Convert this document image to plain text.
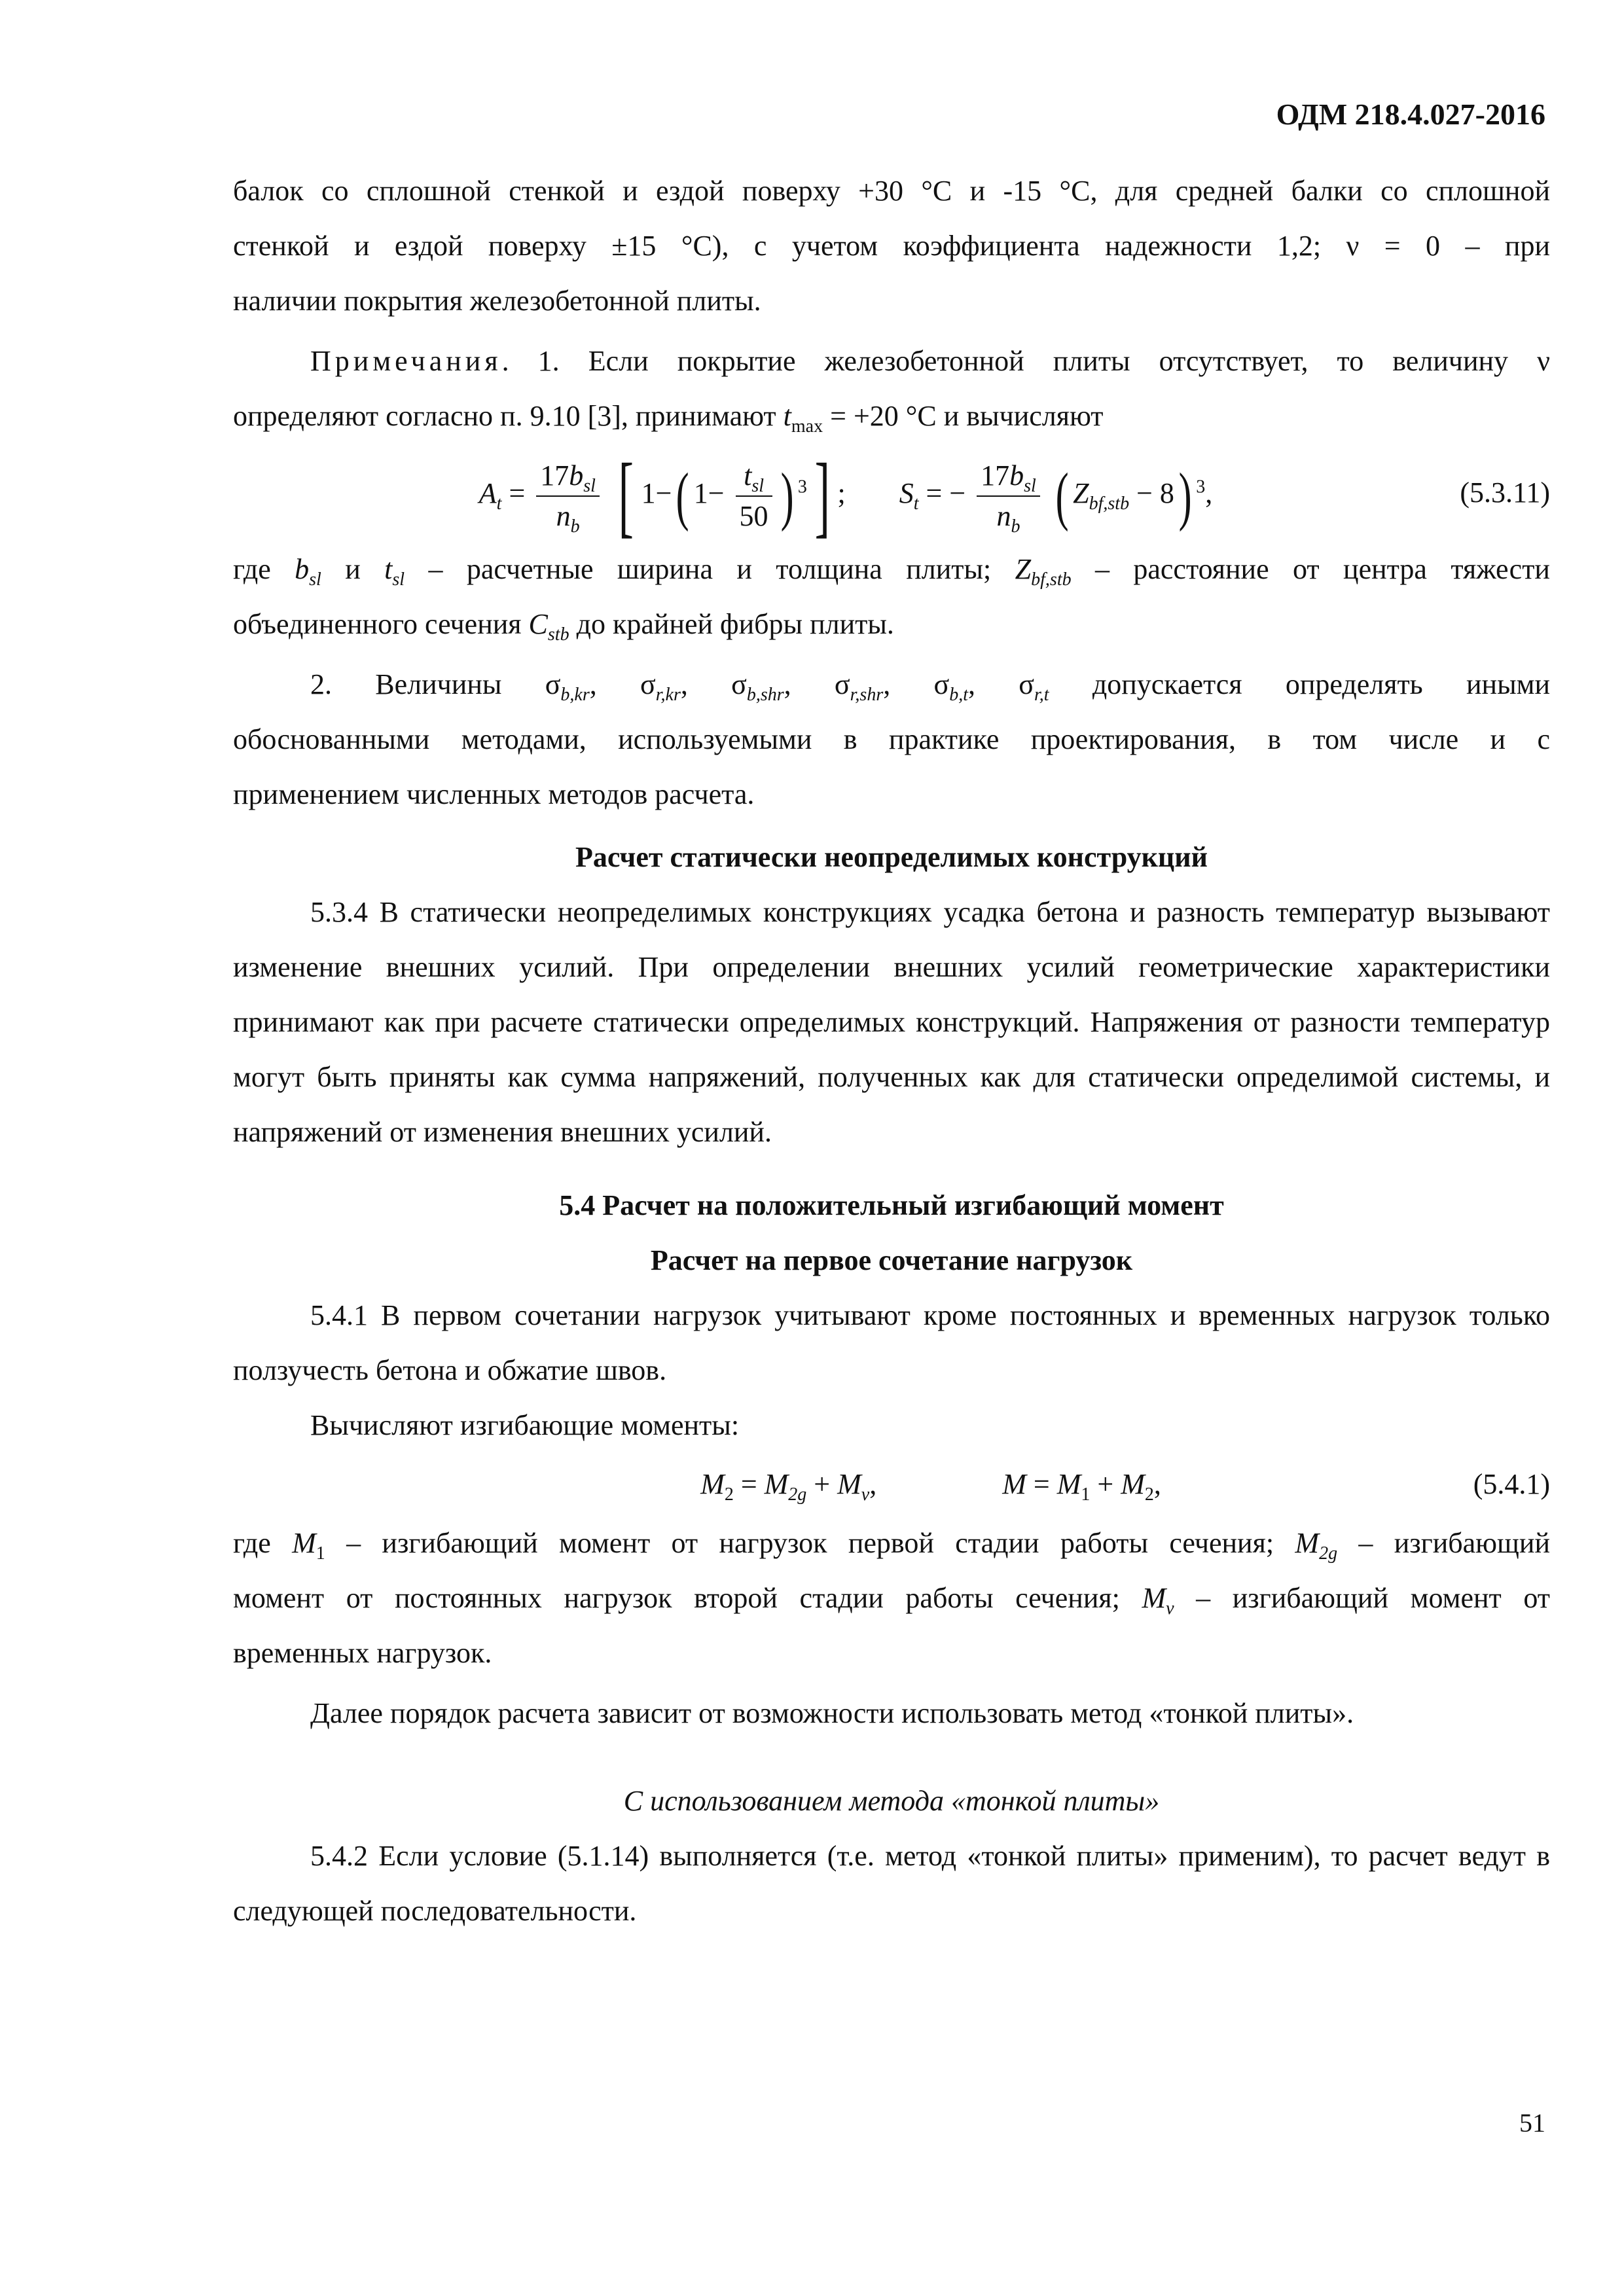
ОДМ 218.4.027-2016

балок со сплошной стенкой и ездой поверху +30 °С и -15 °С, для средней балки со сплошной

стенкой и ездой поверху ±15 °С), с учетом коэффициента надежности 1,2; ν = 0 – при

наличии покрытия железобетонной плиты.

Примечания. 1. Если покрытие железобетонной плиты отсутствует, то величину ν

определяют согласно п. 9.10 [3], принимают $t_{max} = +20$ °С и вычисляют

$A_t = \frac{17b_{sl}}{n_b}$ [ 1−( $1- \frac{t_{sl}}{50}$ ) $^3$] ; $S_t$ = − $\frac{17b_{sl}}{n_b}$ ( $Z_{bf,stb} - 8$) $^3$,	(5.3.11)

где $b_{sl}$ и $t_{sl}$ – расчетные ширина и толщина плиты; $Z_{bf,stb}$ – расстояние от центра тяжести

объединенного сечения $C_{stb}$ до крайней фибры плиты.

2. Величины $\sigma_{b,kr}$, $\sigma_{r,kr}$, $\sigma_{b,shr}$, $\sigma_{r,shr}$, $\sigma_{b,t}$, $\sigma_{r,t}$ допускается определять иными

обоснованными методами, используемыми в практике проектирования, в том числе и с

применением численных методов расчета.

Расчет статически неопределимых конструкций

5.3.4 В статически неопределимых конструкциях усадка бетона и разность температур вызывают изменение внешних усилий. При определении внешних усилий геометрические характеристики принимают как при расчете статически определимых конструкций. Напряжения от разности температур могут быть приняты как сумма напряжений, полученных как для статически определимой системы, и напряжений от изменения внешних усилий.

5.4 Расчет на положительный изгибающий момент

Расчет на первое сочетание нагрузок

5.4.1 В первом сочетании нагрузок учитывают кроме постоянных и временных нагрузок только ползучесть бетона и обжатие швов.

Вычисляют изгибающие моменты:

$M_2 = M_{2g} + M_v$,	$M = M_1 + M_2$,	(5.4.1)

где $M_1$ – изгибающий момент от нагрузок первой стадии работы сечения; $M_{2g}$ – изгибающий

момент от постоянных нагрузок второй стадии работы сечения; $M_v$ – изгибающий момент от

временных нагрузок.

Далее порядок расчета зависит от возможности использовать метод «тонкой плиты».

С использованием метода «тонкой плиты»

5.4.2 Если условие (5.1.14) выполняется (т.е. метод «тонкой плиты» применим), то расчет ведут в следующей последовательности.

51
